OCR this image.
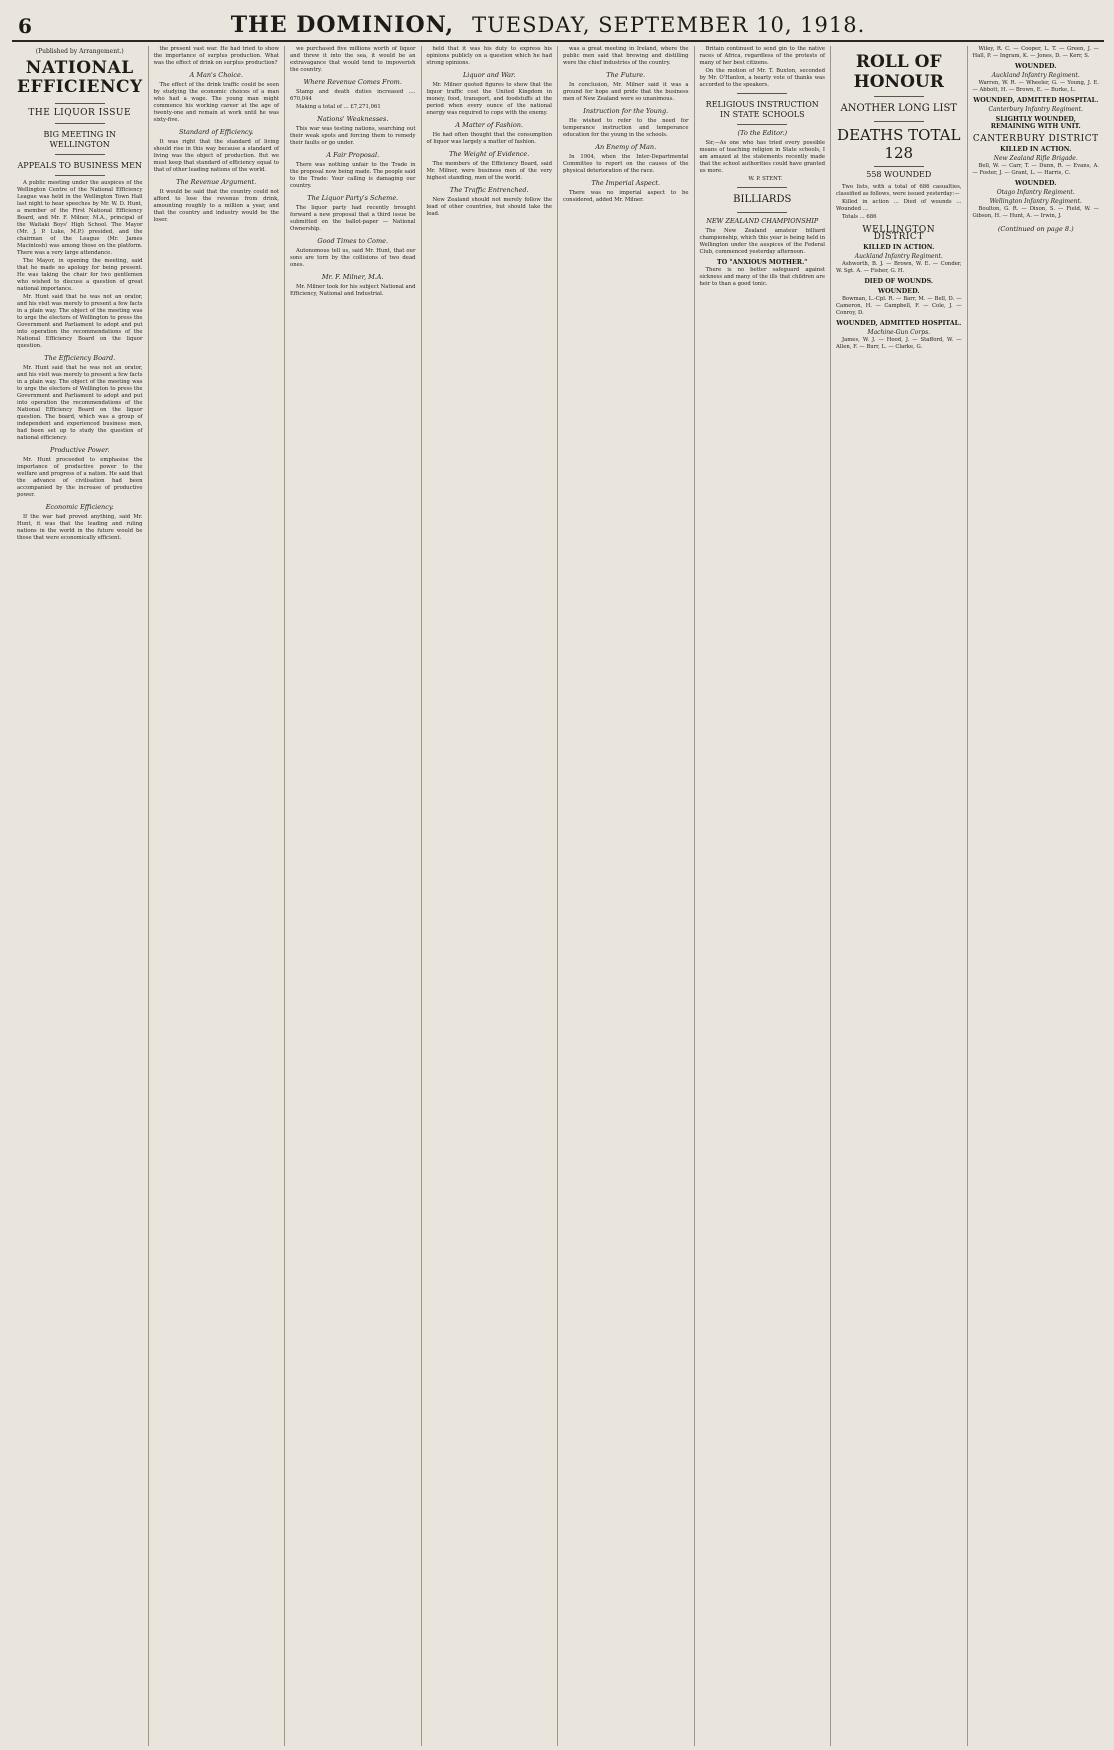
6	THE DOMINION, TUESDAY, SEPTEMBER 10, 1918.
(Published by Arrangement.)
NATIONAL EFFICIENCY
THE LIQUOR ISSUE
BIG MEETING IN WELLINGTON
APPEALS TO BUSINESS MEN

A public meeting under the auspices of the Wellington Centre of the National Efficiency League was held in the Wellington Town Hall last night to hear speeches by Mr. W. D. Hunt, a member of the First National Efficiency Board, and Mr. F. Milner, M.A., principal of the Waitaki Boys' High School. The Mayor (Mr. J. P. Luke, M.P.) presided, and the chairman of the League (Mr. James Macintosh) was among those on the platform. There was a very large attendance.

The Mayor, in opening the meeting, said that he made no apology for being present. He was taking the chair for two gentlemen who wished to discuss a question of great national importance.

Mr. Hunt said that he was not an orator, and his visit was merely to present a few facts in a plain way. The object of the meeting was to urge the electors of Wellington to press the Government and Parliament to adopt and put into operation the recommendations of the National Efficiency Board on the liquor question.

The Efficiency Board.

Mr. Hunt said that he was not an orator, and his visit was merely to present a few facts in a plain way. The object of the meeting was to urge the electors of Wellington to press the Government and Parliament to adopt and put into operation the recommendations of the National Efficiency Board on the liquor question. The board, which was a group of independent and experienced business men, had been set up to study the question of national efficiency.

Productive Power.

Mr. Hunt proceeded to emphasise the importance of productive power to the welfare and progress of a nation. He said that the advance of civilisation had been accompanied by the increase of productive power.

Economic Efficiency.

If the war had proved anything, said Mr. Hunt, it was that the leading and ruling nations in the world in the future would be those that were economically efficient.

the present vast war. He had tried to show the importance of surplus production. What was the effect of drink on surplus production?

A Man's Choice.

The effect of the drink traffic could be seen by studying the economic choices of a man who had a wage. The young man might commence his working career at the age of twenty-one and remain at work until he was sixty-five.

Standard of Efficiency.

It was right that the standard of living should rise in this way because a standard of living was the object of production. But we must keep that standard of efficiency equal to that of other leading nations of the world.

The Revenue Argument.

It would be said that the country could not afford to lose the revenue from drink, amounting roughly to a million a year, and that the country and industry would be the loser.

we purchased five millions worth of liquor and threw it into the sea, it would be an extravagance that would tend to impoverish the country.

Where Revenue Comes From.

Stamp and death duties increased .... 670,044

Making a total of ... £7,271,061

Nations' Weaknesses.

This war was testing nations, searching out their weak spots and forcing them to remedy their faults or go under.

A Fair Proposal.

There was nothing unfair to the Trade in the proposal now being made. The people said to the Trade: Your calling is damaging our country.

The Liquor Party's Scheme.

The liquor party had recently brought forward a new proposal that a third issue be submitted on the ballot-paper — National Ownership.

Good Times to Come.

Autonomous tell us, said Mr. Hunt, that our sons are torn by the collisions of two dead ones.

Mr. F. Milner, M.A.

Mr. Milner took for his subject National and Efficiency, National and Industrial.

held that it was his duty to express his opinions publicly on a question which he had strong opinions.

Liquor and War.

Mr. Milner quoted figures to show that the liquor traffic cost the United Kingdom in money, food, transport, and foodstuffs at the period when every ounce of the national energy was required to cope with the enemy.

A Matter of Fashion.

He had often thought that the consumption of liquor was largely a matter of fashion.

The Weight of Evidence.

The members of the Efficiency Board, said Mr. Milner, were business men of the very highest standing, men of the world.

The Traffic Entrenched.

New Zealand should not merely follow the lead of other countries, but should take the lead.

was a great meeting in Ireland, where the public men said that brewing and distilling were the chief industries of the country.

The Future.

In conclusion, Mr. Milner said it was a ground for hope and pride that the business men of New Zealand were so unanimous.

Instruction for the Young.

He wished to refer to the need for temperance instruction and temperance education for the young in the schools.

An Enemy of Man.

In 1904, when the Inter-Departmental Committee to report on the causes of the physical deterioration of the race.

The Imperial Aspect.

There was no imperial aspect to be considered, added Mr. Milner.

Britain continued to send gin to the native races of Africa, regardless of the protests of many of her best citizens.

On the motion of Mr. T. Buxton, seconded by Mr. O'Hanlon, a hearty vote of thanks was accorded to the speakers.

RELIGIOUS INSTRUCTION IN STATE SCHOOLS
(To the Editor.)

Sir,—As one who has tried every possible means of teaching religion in State schools, I am amazed at the statements recently made that the school authorities could have granted us more.

W. P. STENT.

BILLIARDS
NEW ZEALAND CHAMPIONSHIP

The New Zealand amateur billiard championship, which this year is being held in Wellington under the auspices of the Federal Club, commenced yesterday afternoon.

TO "ANXIOUS MOTHER."

There is no better safeguard against sickness and many of the ills that children are heir to than a good tonic.

ROLL OF HONOUR
ANOTHER LONG LIST
DEATHS TOTAL 128
558 WOUNDED

Two lists, with a total of 686 casualties, classified as follows, were issued yesterday:—

Killed in action ... Died of wounds ... Wounded ...

Totals ... 686

WELLINGTON DISTRICT
KILLED IN ACTION.
Auckland Infantry Regiment.

Ashworth, B. J. — Brown, W. E. — Conder, W. Sgt. A. — Fisher, G. H.

DIED OF WOUNDS.
WOUNDED.

Bowman, L.-Cpl. R. — Barr, M. — Bell, D. — Cameron, H. — Campbell, F. — Cole, J. — Conroy, D.

WOUNDED, ADMITTED HOSPITAL.
Machine-Gun Corps.

James, W. J. — Hood, J. — Stafford, W. — Allen, F. — Burr, L. — Clarke, G.

Wiley, R. C. — Cooper, L. T. — Green, J. — Hall, P. — Ingram, K. — Jones, D. — Kerr, S.

WOUNDED.
Auckland Infantry Regiment.

Warren, W. R. — Wheeler, G. — Young, J. E. — Abbott, H. — Brown, E. — Burke, L.

WOUNDED, ADMITTED HOSPITAL.
Canterbury Infantry Regiment.
SLIGHTLY WOUNDED, REMAINING WITH UNIT.
CANTERBURY DISTRICT
KILLED IN ACTION.
New Zealand Rifle Brigade.

Bell, W. — Carr, T. — Dunn, R. — Evans, A. — Foster, J. — Grant, L. — Harris, C.

WOUNDED.
Otago Infantry Regiment.
Wellington Infantry Regiment.

Boulton, G. R. — Dixon, S. — Field, W. — Gibson, H. — Hunt, A. — Irwin, J.

(Continued on page 8.)
